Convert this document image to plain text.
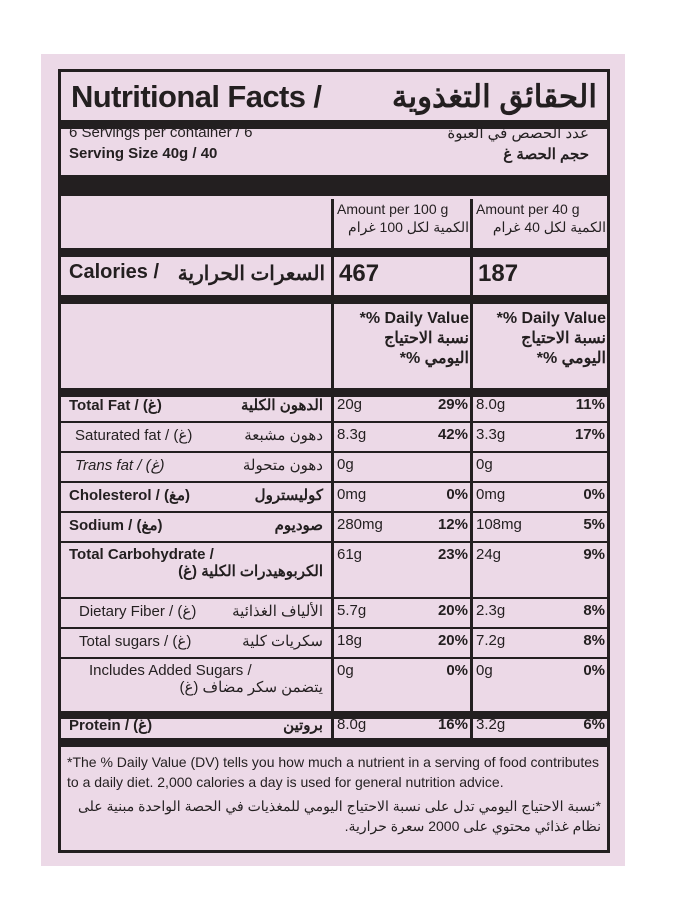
Nutritional Facts / الحقائق التغذوية
6 Servings per container / 6	عدد الحصص في العبوة
Serving Size 40g / 40	حجم الحصة غ
Amount per 100 g
الكمية لكل 100 غرام
Amount per 40 g
الكمية لكل 40 غرام
Calories / السعرات الحرارية 467	187
*% Daily Value
نسبة الاحتياج اليومي %*
*% Daily Value
نسبة الاحتياج اليومي %*
Total Fat / (غ)	الدهون الكلية 20g	29% 8.0g	11%
Saturated fat / (غ)	دهون مشبعة 8.3g	42% 3.3g	17%
Trans fat / (غ)	دهون متحولة 0g	0g
Cholesterol / (مغ)	كوليسترول 0mg	0% 0mg	0%
Sodium / (مغ)	صوديوم 280mg	12% 108mg	5%
Total Carbohydrate /
الكربوهيدرات الكلية (غ)
61g	23% 24g	9%
Dietary Fiber / (غ) الألياف الغذائية 5.7g	20% 2.3g	8%
Total sugars / (غ)	سكريات كلية 18g	20% 7.2g	8%
Includes Added Sugars /
يتضمن سكر مضاف (غ)
0g	0% 0g	0%
Protein / (غ)	بروتين 8.0g	16% 3.2g	6%
*The % Daily Value (DV) tells you how much a nutrient in a serving of food contributes to a daily diet. 2,000 calories a day is used for general nutrition advice.
*نسبة الاحتياج اليومي تدل على نسبة الاحتياج اليومي للمغذيات في الحصة الواحدة مبنية على نظام غذائي محتوي على 2000 سعرة حرارية.
